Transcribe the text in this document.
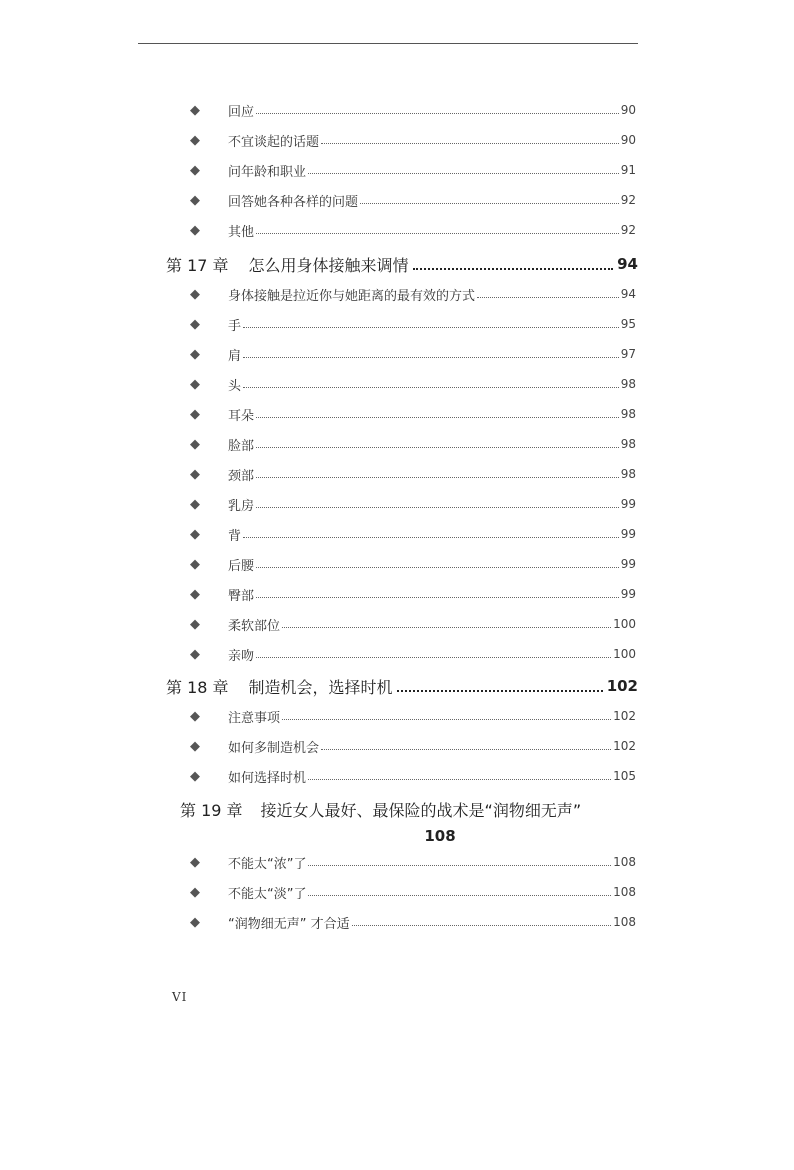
◆	回应	90
◆	不宜谈起的话题	90
◆	问年龄和职业	91
◆	回答她各种各样的问题	92
◆	其他	92
第 17 章 怎么用身体接触来调情	94
◆	身体接触是拉近你与她距离的最有效的方式	94
◆	手	95
◆	肩	97
◆	头	98
◆	耳朵	98
◆	脸部	98
◆	颈部	98
◆	乳房	99
◆	背	99
◆	后腰	99
◆	臀部	99
◆	柔软部位	100
◆	亲吻	100
第 18 章 制造机会，选择时机	102
◆	注意事项	102
◆	如何多制造机会	102
◆	如何选择时机	105
第 19 章 接近女人最好、最保险的战术是“润物细无声”
108
◆	不能太“浓”了	108
◆	不能太“淡”了	108
◆	“润物细无声” 才合适	108
VI
